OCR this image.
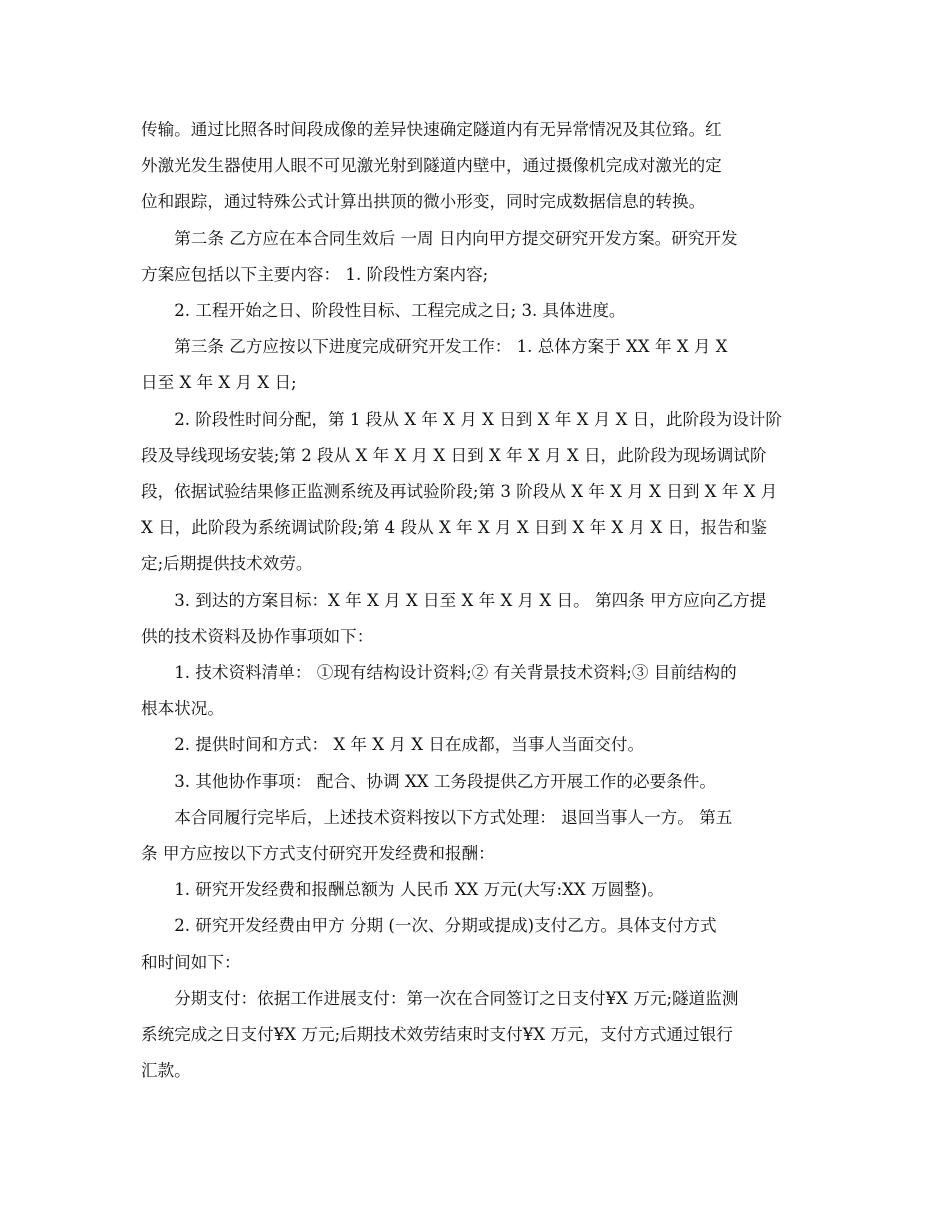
传输。通过比照各时间段成像的差异快速确定隧道内有无异常情况及其位臵。红
外激光发生器使用人眼不可见激光射到隧道内壁中，通过摄像机完成对激光的定
位和跟踪，通过特殊公式计算出拱顶的微小形变，同时完成数据信息的转换。
第二条 乙方应在本合同生效后 一周 日内向甲方提交研究开发方案。研究开发
方案应包括以下主要内容： 1. 阶段性方案内容;
2. 工程开始之日、阶段性目标、工程完成之日; 3. 具体进度。
第三条 乙方应按以下进度完成研究开发工作： 1. 总体方案于 XX 年 X 月 X
日至 X 年 X 月 X 日;
2. 阶段性时间分配，第 1 段从 X 年 X 月 X 日到 X 年 X 月 X 日，此阶段为设计阶
段及导线现场安装;第 2 段从 X 年 X 月 X 日到 X 年 X 月 X 日，此阶段为现场调试阶
段，依据试验结果修正监测系统及再试验阶段;第 3 阶段从 X 年 X 月 X 日到 X 年 X 月
X 日，此阶段为系统调试阶段;第 4 段从 X 年 X 月 X 日到 X 年 X 月 X 日，报告和鉴
定;后期提供技术效劳。
3. 到达的方案目标：X 年 X 月 X 日至 X 年 X 月 X 日。 第四条 甲方应向乙方提
供的技术资料及协作事项如下：
1. 技术资料清单： ①现有结构设计资料;② 有关背景技术资料;③ 目前结构的
根本状况。
2. 提供时间和方式： X 年 X 月 X 日在成都，当事人当面交付。
3. 其他协作事项： 配合、协调 XX 工务段提供乙方开展工作的必要条件。
本合同履行完毕后，上述技术资料按以下方式处理： 退回当事人一方。 第五
条 甲方应按以下方式支付研究开发经费和报酬：
1. 研究开发经费和报酬总额为 人民币 XX 万元(大写:XX 万圆整)。
2. 研究开发经费由甲方 分期 (一次、分期或提成)支付乙方。具体支付方式
和时间如下：
分期支付：依据工作进展支付：第一次在合同签订之日支付¥X 万元;隧道监测
系统完成之日支付¥X 万元;后期技术效劳结束时支付¥X 万元，支付方式通过银行
汇款。
